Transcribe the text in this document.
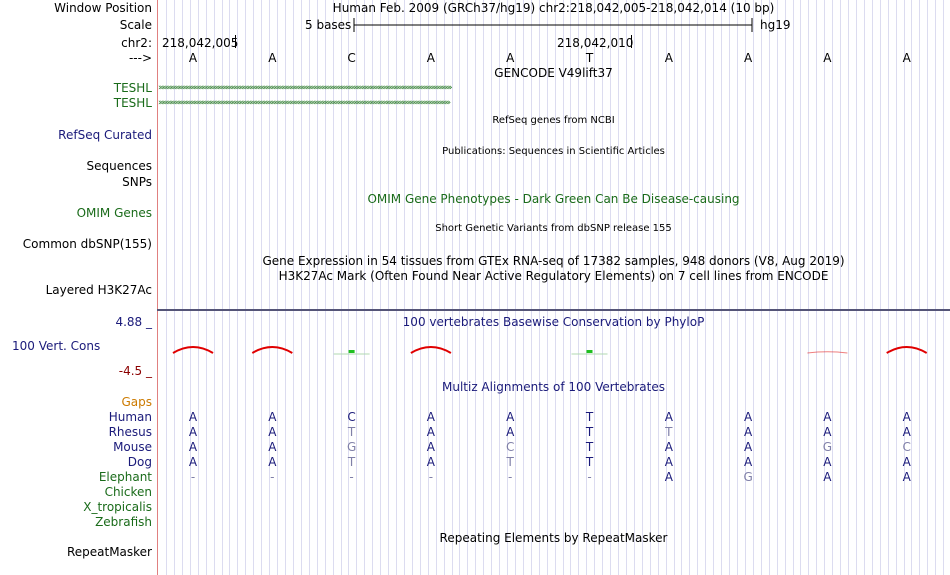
Window Position	Human Feb. 2009 (GRCh37/hg19) chr2:218,042,005-218,042,014 (10 bp)
Scale	5 bases	hg19
chr2: 218,042,005	218,042,010
--->	A	A	C	A	A	T	A	A	A	A
GENCODE V49lift37
TESHL ›››››››››››››››››››››››››››››››››››››››››››››››››››››››››››››››››››››››››››››››››››››››››››››››››››››››››››››››››››››››››››››››››››››››››››››››››››››››››››››››››››››››››››››››››››››››
TESHL ››››››››››››››››››››››››››››››››››››››››››››››››››››››››››››››››››››››››››››››››››››››››››››››››››››››››››››››››››››››››››››››››››››››››››››››››››››››››››››››››››››››››››››››››››››››
RefSeq genes from NCBI
RefSeq Curated
Publications: Sequences in Scientific Articles
Sequences
SNPs
OMIM Gene Phenotypes - Dark Green Can Be Disease-causing
OMIM Genes
Short Genetic Variants from dbSNP release 155
Common dbSNP(155)
Gene Expression in 54 tissues from GTEx RNA-seq of 17382 samples, 948 donors (V8, Aug 2019)
H3K27Ac Mark (Often Found Near Active Regulatory Elements) on 7 cell lines from ENCODE
Layered H3K27Ac
4.88 _	100 vertebrates Basewise Conservation by PhyloP
100 Vert. Cons
-4.5 _
Multiz Alignments of 100 Vertebrates
Gaps
Human	A	A	C	A	A	T	A	A	A	A
Rhesus	A	A	T	A	A	T	T	A	A	A
Mouse	A	A	G	A	C	T	A	A	G	C
Dog	A	A	T	A	T	T	A	A	A	A
Elephant	-	-	-	-	-	-	A	G	A	A
Chicken
X_tropicalis
Zebrafish
Repeating Elements by RepeatMasker
RepeatMasker
